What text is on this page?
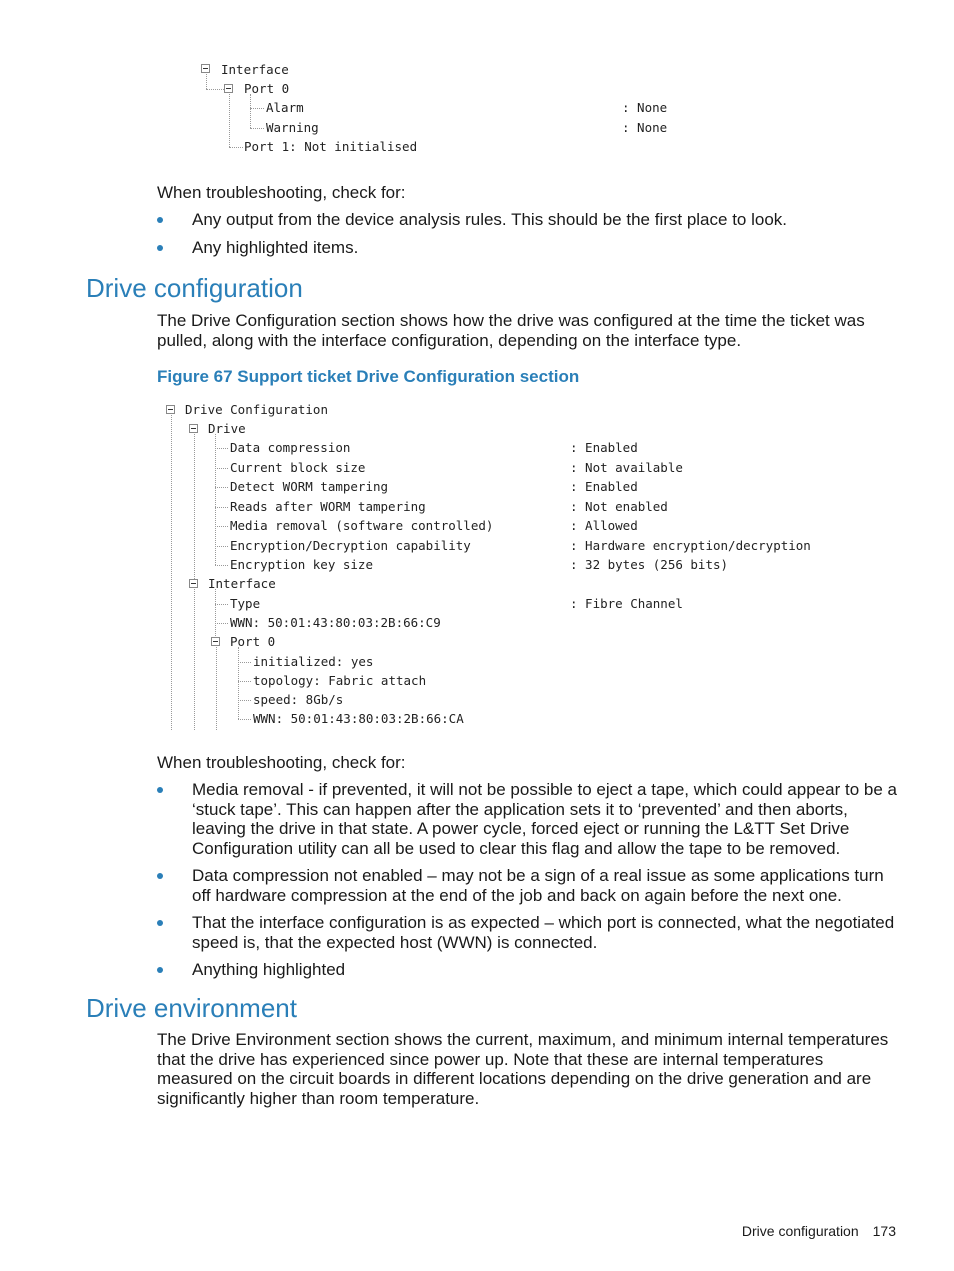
Interface
Port 0
Alarm	: None
Warning	: None
Port 1: Not initialised
When troubleshooting, check for:
Any output from the device analysis rules. This should be the first place to look.
Any highlighted items.
Drive configuration
The Drive Configuration section shows how the drive was configured at the time the ticket was pulled, along with the interface configuration, depending on the interface type.
Figure 67 Support ticket Drive Configuration section
Drive Configuration
Drive
Data compression	: Enabled
Current block size	: Not available
Detect WORM tampering	: Enabled
Reads after WORM tampering	: Not enabled
Media removal (software controlled)	: Allowed
Encryption/Decryption capability	: Hardware encryption/decryption
Encryption key size	: 32 bytes (256 bits)
Interface
Type	: Fibre Channel
WWN: 50:01:43:80:03:2B:66:C9
Port 0
initialized: yes
topology: Fabric attach
speed: 8Gb/s
WWN: 50:01:43:80:03:2B:66:CA
When troubleshooting, check for:
Media removal - if prevented, it will not be possible to eject a tape, which could appear to be a ‘stuck tape’. This can happen after the application sets it to ‘prevented’ and then aborts, leaving the drive in that state. A power cycle, forced eject or running the L&TT Set Drive Configuration utility can all be used to clear this flag and allow the tape to be removed.
Data compression not enabled – may not be a sign of a real issue as some applications turn off hardware compression at the end of the job and back on again before the next one.
That the interface configuration is as expected – which port is connected, what the negotiated speed is, that the expected host (WWN) is connected.
Anything highlighted
Drive environment
The Drive Environment section shows the current, maximum, and minimum internal temperatures that the drive has experienced since power up. Note that these are internal temperatures measured on the circuit boards in different locations depending on the drive generation and are significantly higher than room temperature.
Drive configuration 173
